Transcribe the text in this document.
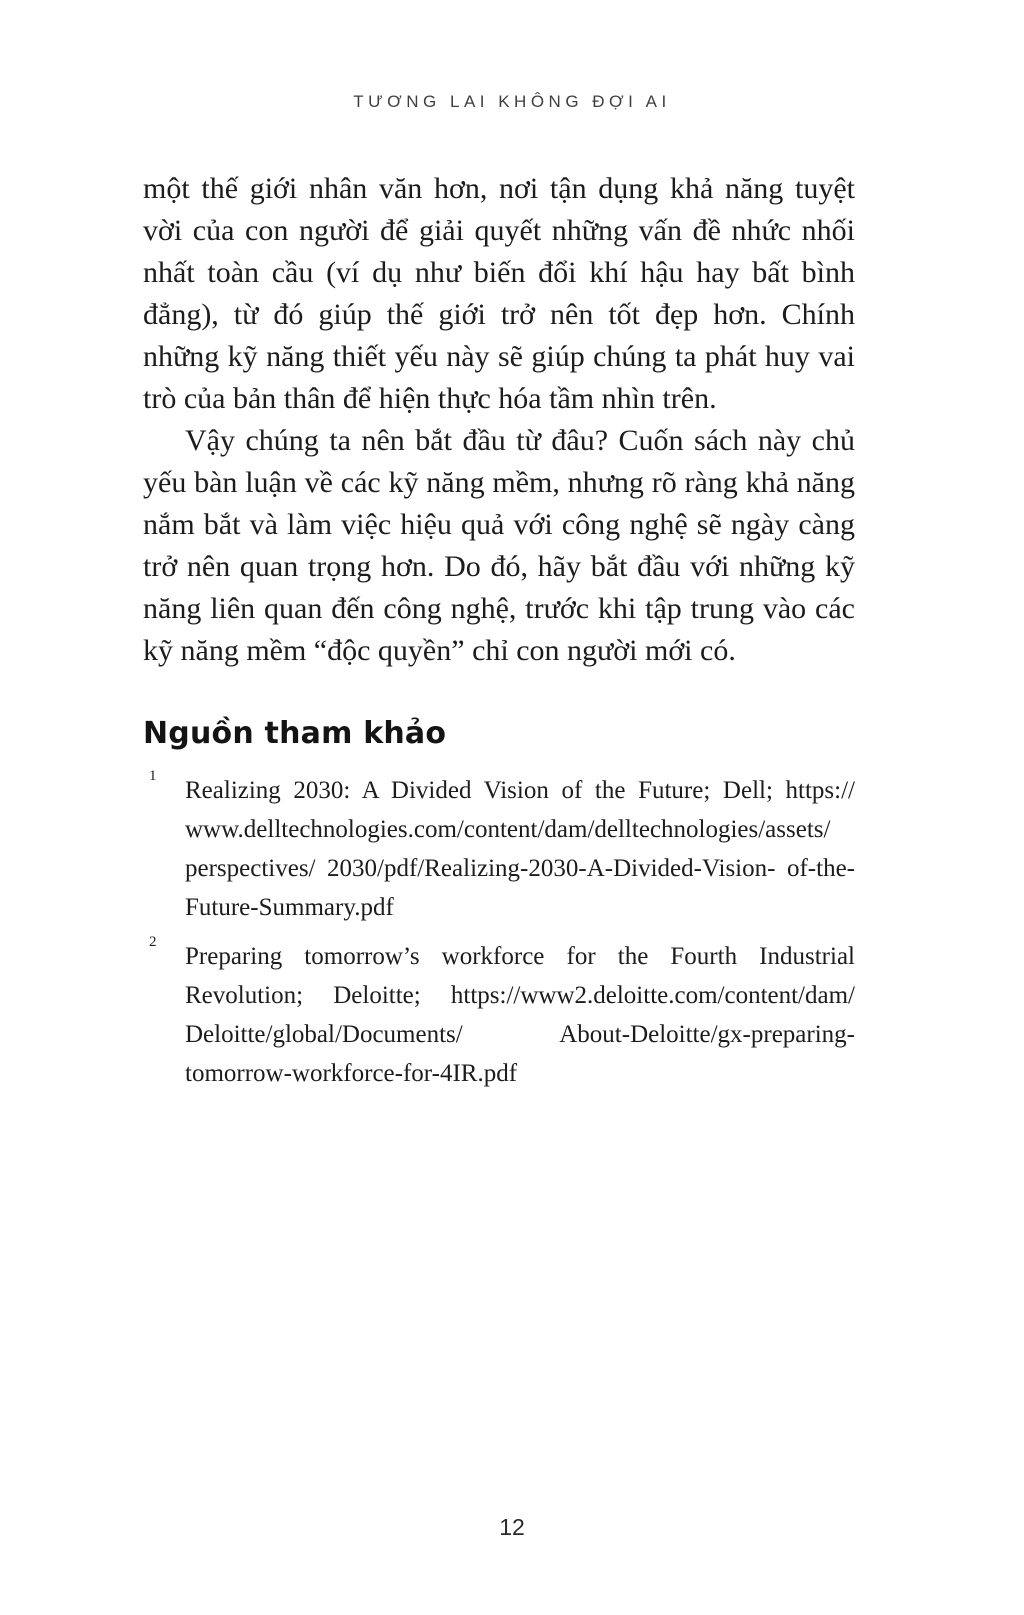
TƯƠNG LAI KHÔNG ĐỢI AI

một thế giới nhân văn hơn, nơi tận dụng khả năng tuyệt vời của con người để giải quyết những vấn đề nhức nhối nhất toàn cầu (ví dụ như biến đổi khí hậu hay bất bình đẳng), từ đó giúp thế giới trở nên tốt đẹp hơn. Chính những kỹ năng thiết yếu này sẽ giúp chúng ta phát huy vai trò của bản thân để hiện thực hóa tầm nhìn trên.

Vậy chúng ta nên bắt đầu từ đâu? Cuốn sách này chủ yếu bàn luận về các kỹ năng mềm, nhưng rõ ràng khả năng nắm bắt và làm việc hiệu quả với công nghệ sẽ ngày càng trở nên quan trọng hơn. Do đó, hãy bắt đầu với những kỹ năng liên quan đến công nghệ, trước khi tập trung vào các kỹ năng mềm “độc quyền” chỉ con người mới có.

Nguồn tham khảo
1
Realizing 2030: A Divided Vision of the Future; Dell; https:// www.delltechnologies.com/content/dam/delltechnologies/assets/ perspectives/ 2030/pdf/Realizing-2030-A-Divided-Vision- of-the-Future-Summary.pdf
2
Preparing tomorrow’s workforce for the Fourth Industrial Revolution; Deloitte; https://www2.deloitte.com/content/dam/ Deloitte/global/Documents/ About-Deloitte/gx-preparing-tomorrow-workforce-for-4IR.pdf
12
